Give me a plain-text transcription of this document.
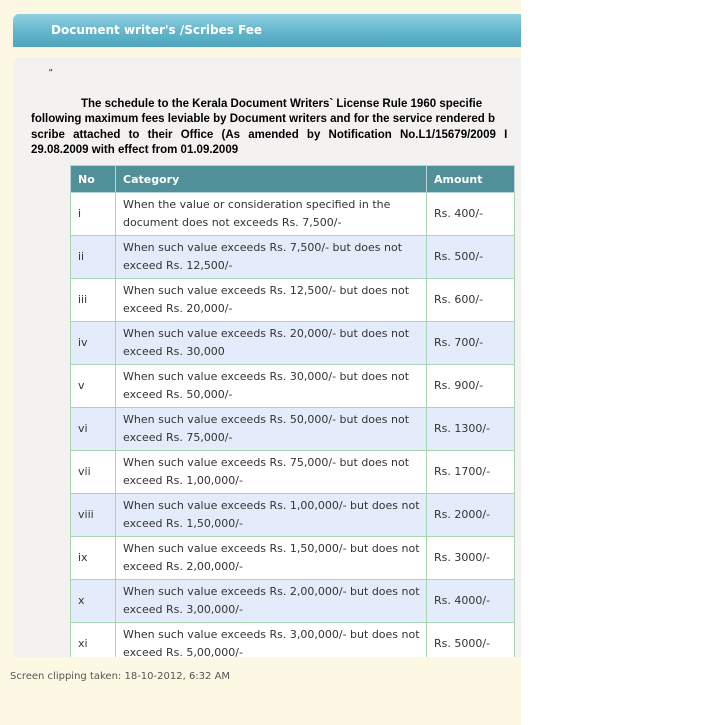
Document writer's /Scribes Fee
"
The schedule to the Kerala Document Writers` License Rule 1960 specifie
following maximum fees leviable by Document writers and for the service rendered b
scribe attached to their Office (As amended by Notification No.L1/15679/2009 I
29.08.2009 with effect from 01.09.2009
No	Category	Amount
i	When the value or consideration specified in the document does not exceeds Rs. 7,500/-	Rs. 400/-
ii	When such value exceeds Rs. 7,500/- but does not exceed Rs. 12,500/-	Rs. 500/-
iii	When such value exceeds Rs. 12,500/- but does not exceed Rs. 20,000/-	Rs. 600/-
iv	When such value exceeds Rs. 20,000/- but does not exceed Rs. 30,000	Rs. 700/-
v	When such value exceeds Rs. 30,000/- but does not exceed Rs. 50,000/-	Rs. 900/-
vi	When such value exceeds Rs. 50,000/- but does not exceed Rs. 75,000/-	Rs. 1300/-
vii	When such value exceeds Rs. 75,000/- but does not exceed Rs. 1,00,000/-	Rs. 1700/-
viii	When such value exceeds Rs. 1,00,000/- but does not exceed Rs. 1,50,000/-	Rs. 2000/-
ix	When such value exceeds Rs. 1,50,000/- but does not exceed Rs. 2,00,000/-	Rs. 3000/-
x	When such value exceeds Rs. 2,00,000/- but does not exceed Rs. 3,00,000/-	Rs. 4000/-
xi	When such value exceeds Rs. 3,00,000/- but does not exceed Rs. 5,00,000/-	Rs. 5000/-
Screen clipping taken: 18-10-2012, 6:32 AM
